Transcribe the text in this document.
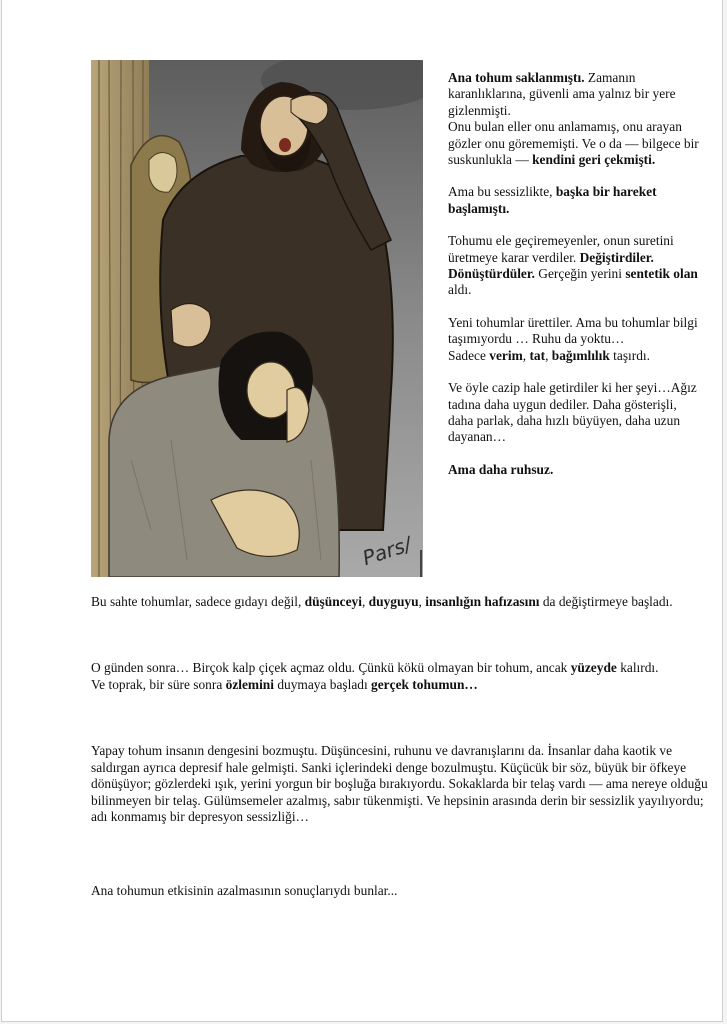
Pars/

Ana tohum saklanmıştı. Zamanın karanlıklarına, güvenli ama yalnız bir yere gizlenmişti.
Onu bulan eller onu anlamamış, onu arayan gözler onu görememişti. Ve o da — bilgece bir suskunlukla — kendini geri çekmişti.

Ama bu sessizlikte, başka bir hareket başlamıştı.

Tohumu ele geçiremeyenler, onun suretini üretmeye karar verdiler. Değiştirdiler. Dönüştürdüler. Gerçeğin yerini sentetik olan aldı.

Yeni tohumlar ürettiler. Ama bu tohumlar bilgi taşımıyordu … Ruhu da yoktu…
Sadece verim, tat, bağımlılık taşırdı.

Ve öyle cazip hale getirdiler ki her şeyi…Ağız tadına daha uygun dediler. Daha gösterişli, daha parlak, daha hızlı büyüyen, daha uzun dayanan…

Ama daha ruhsuz.

Bu sahte tohumlar, sadece gıdayı değil, düşünceyi, duyguyu, insanlığın hafızasını da değiştirmeye başladı.

O günden sonra… Birçok kalp çiçek açmaz oldu. Çünkü kökü olmayan bir tohum, ancak yüzeyde kalırdı.
Ve toprak, bir süre sonra özlemini duymaya başladı gerçek tohumun…

Yapay tohum insanın dengesini bozmuştu. Düşüncesini, ruhunu ve davranışlarını da. İnsanlar daha kaotik ve saldırgan ayrıca depresif hale gelmişti. Sanki içlerindeki denge bozulmuştu. Küçücük bir söz, büyük bir öfkeye dönüşüyor; gözlerdeki ışık, yerini yorgun bir boşluğa bırakıyordu. Sokaklarda bir telaş vardı — ama nereye olduğu bilinmeyen bir telaş. Gülümsemeler azalmış, sabır tükenmişti. Ve hepsinin arasında derin bir sessizlik yayılıyordu; adı konmamış bir depresyon sessizliği…

Ana tohumun etkisinin azalmasının sonuçlarıydı bunlar...
